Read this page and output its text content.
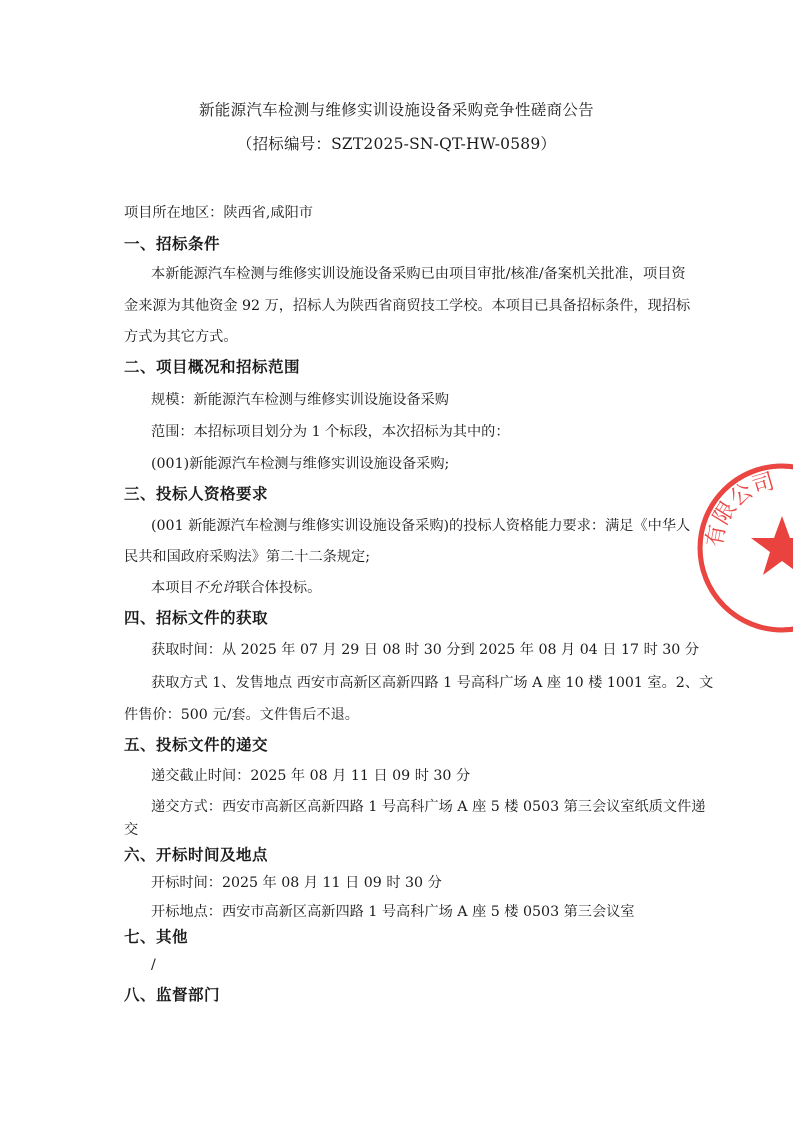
新能源汽车检测与维修实训设施设备采购竞争性磋商公告
（招标编号：SZT2025-SN-QT-HW-0589）
项目所在地区：陕西省,咸阳市
一、招标条件
本新能源汽车检测与维修实训设施设备采购已由项目审批/核准/备案机关批准，项目资
金来源为其他资金 92 万，招标人为陕西省商贸技工学校。本项目已具备招标条件，现招标
方式为其它方式。
二、项目概况和招标范围
规模：新能源汽车检测与维修实训设施设备采购
范围：本招标项目划分为 1 个标段，本次招标为其中的：
(001)新能源汽车检测与维修实训设施设备采购;
三、投标人资格要求
(001 新能源汽车检测与维修实训设施设备采购)的投标人资格能力要求：满足《中华人
民共和国政府采购法》第二十二条规定;
本项目不允许联合体投标。
四、招标文件的获取
获取时间：从 2025 年 07 月 29 日 08 时 30 分到 2025 年 08 月 04 日 17 时 30 分
获取方式 1、发售地点 西安市高新区高新四路 1 号高科广场 A 座 10 楼 1001 室。2、文
件售价：500 元/套。文件售后不退。
五、投标文件的递交
递交截止时间：2025 年 08 月 11 日 09 时 30 分
递交方式：西安市高新区高新四路 1 号高科广场 A 座 5 楼 0503 第三会议室纸质文件递
交
六、开标时间及地点
开标时间：2025 年 08 月 11 日 09 时 30 分
开标地点：西安市高新区高新四路 1 号高科广场 A 座 5 楼 0503 第三会议室
七、其他
/
八、监督部门
有限公司
